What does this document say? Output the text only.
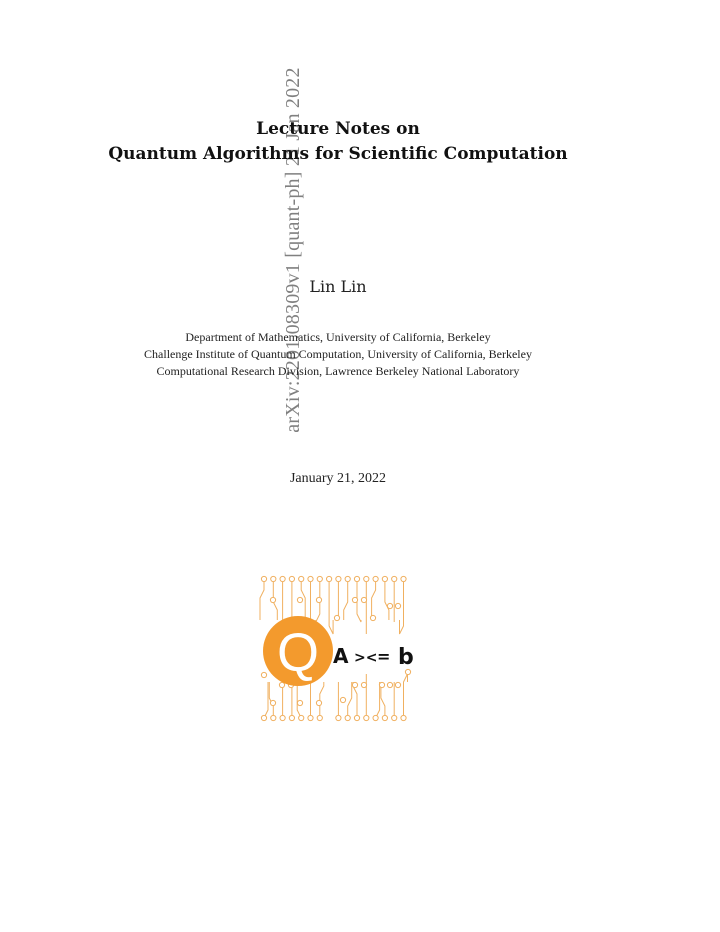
arXiv:2201.08309v1 [quant-ph] 21 Jan 2022
Lecture Notes on
Quantum Algorithms for Scientific Computation
Lin Lin
Department of Mathematics, University of California, Berkeley
Challenge Institute of Quantum Computation, University of California, Berkeley
Computational Research Division, Lawrence Berkeley National Laboratory
January 21, 2022
Q A >< = b
